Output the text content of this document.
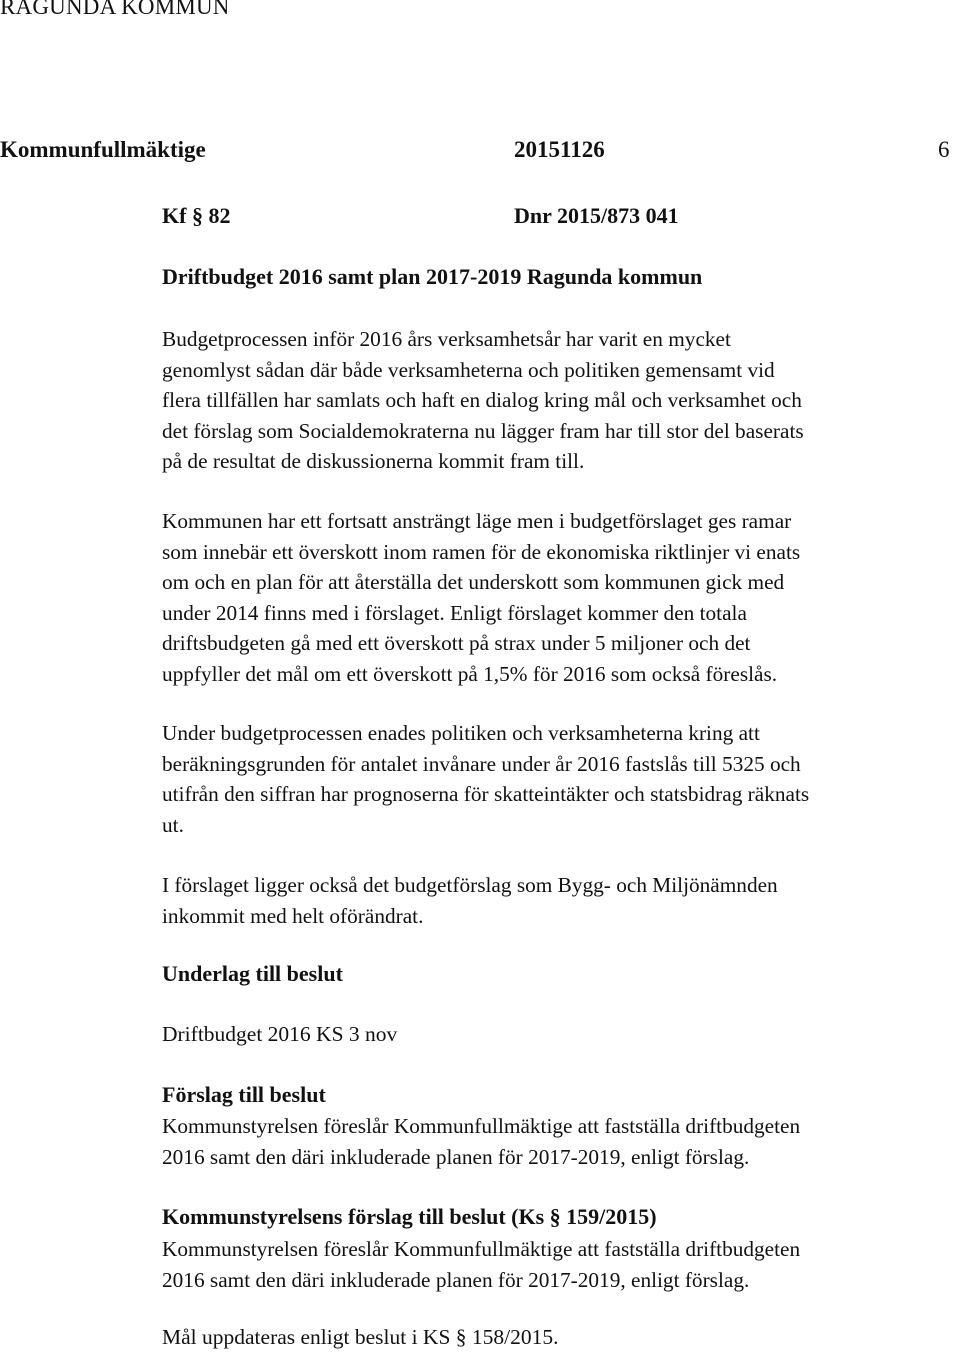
RAGUNDA KOMMUN
Kommunfullmäktige	20151126	6
Kf § 82	Dnr 2015/873 041
Driftbudget 2016 samt plan 2017-2019 Ragunda kommun
Budgetprocessen inför 2016 års verksamhetsår har varit en mycket
genomlyst sådan där både verksamheterna och politiken gemensamt vid
flera tillfällen har samlats och haft en dialog kring mål och verksamhet och
det förslag som Socialdemokraterna nu lägger fram har till stor del baserats
på de resultat de diskussionerna kommit fram till.
Kommunen har ett fortsatt ansträngt läge men i budgetförslaget ges ramar
som innebär ett överskott inom ramen för de ekonomiska riktlinjer vi enats
om och en plan för att återställa det underskott som kommunen gick med
under 2014 finns med i förslaget. Enligt förslaget kommer den totala
driftsbudgeten gå med ett överskott på strax under 5 miljoner och det
uppfyller det mål om ett överskott på 1,5% för 2016 som också föreslås.
Under budgetprocessen enades politiken och verksamheterna kring att
beräkningsgrunden för antalet invånare under år 2016 fastslås till 5325 och
utifrån den siffran har prognoserna för skatteintäkter och statsbidrag räknats
ut.
I förslaget ligger också det budgetförslag som Bygg- och Miljönämnden
inkommit med helt oförändrat.
Underlag till beslut
Driftbudget 2016 KS 3 nov
Förslag till beslut
Kommunstyrelsen föreslår Kommunfullmäktige att fastställa driftbudgeten
2016 samt den däri inkluderade planen för 2017-2019, enligt förslag.
Kommunstyrelsens förslag till beslut (Ks § 159/2015)
Kommunstyrelsen föreslår Kommunfullmäktige att fastställa driftbudgeten
2016 samt den däri inkluderade planen för 2017-2019, enligt förslag.
Mål uppdateras enligt beslut i KS § 158/2015.
